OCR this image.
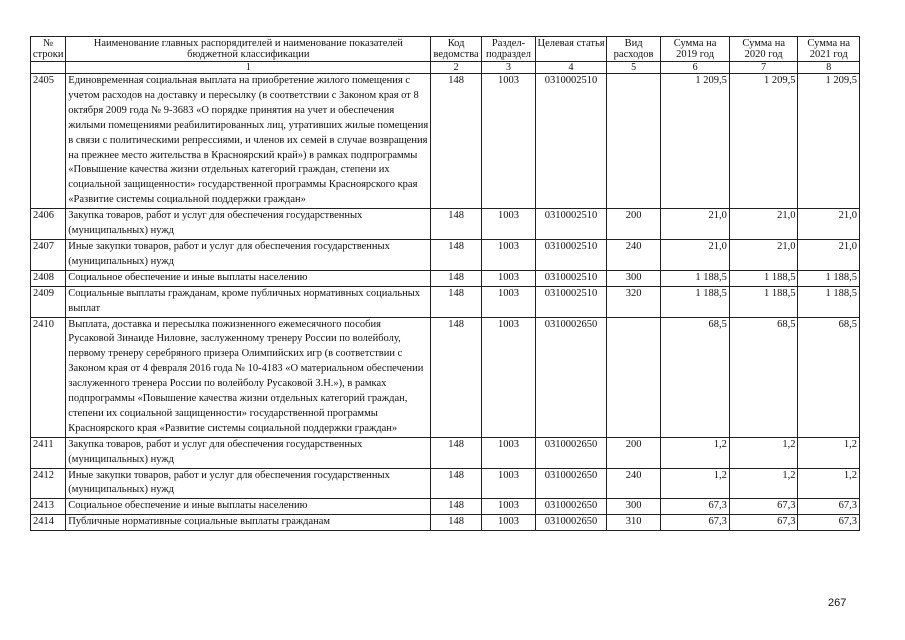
№ строки	Наименование главных распорядителей и наименование показателей бюджетной классификации	Код ведомства	Раздел-подраздел	Целевая статья	Вид расходов	Сумма на 2019 год	Сумма на 2020 год	Сумма на 2021 год
	1	2	3	4	5	6	7	8
2405	Единовременная социальная выплата на приобретение жилого помещения с учетом расходов на доставку и пересылку (в соответствии с Законом края от 8 октября 2009 года № 9-3683 «О порядке принятия на учет и обеспечения жилыми помещениями реабилитированных лиц, утративших жилые помещения в связи с политическими репрессиями, и членов их семей в случае возвращения на прежнее место жительства в Красноярский край») в рамках подпрограммы «Повышение качества жизни отдельных категорий граждан, степени их социальной защищенности» государственной программы Красноярского края «Развитие системы социальной поддержки граждан»	148	1003	0310002510		1 209,5	1 209,5	1 209,5
2406	Закупка товаров, работ и услуг для обеспечения государственных (муниципальных) нужд	148	1003	0310002510	200	21,0	21,0	21,0
2407	Иные закупки товаров, работ и услуг для обеспечения государственных (муниципальных) нужд	148	1003	0310002510	240	21,0	21,0	21,0
2408	Социальное обеспечение и иные выплаты населению	148	1003	0310002510	300	1 188,5	1 188,5	1 188,5
2409	Социальные выплаты гражданам, кроме публичных нормативных социальных выплат	148	1003	0310002510	320	1 188,5	1 188,5	1 188,5
2410	Выплата, доставка и пересылка пожизненного ежемесячного пособия Русаковой Зинаиде Ниловне, заслуженному тренеру России по волейболу, первому тренеру серебряного призера Олимпийских игр (в соответствии с Законом края от 4 февраля 2016 года № 10-4183 «О материальном обеспечении заслуженного тренера России по волейболу Русаковой З.Н.»), в рамках подпрограммы «Повышение качества жизни отдельных категорий граждан, степени их социальной защищенности» государственной программы Красноярского края «Развитие системы социальной поддержки граждан»	148	1003	0310002650		68,5	68,5	68,5
2411	Закупка товаров, работ и услуг для обеспечения государственных (муниципальных) нужд	148	1003	0310002650	200	1,2	1,2	1,2
2412	Иные закупки товаров, работ и услуг для обеспечения государственных (муниципальных) нужд	148	1003	0310002650	240	1,2	1,2	1,2
2413	Социальное обеспечение и иные выплаты населению	148	1003	0310002650	300	67,3	67,3	67,3
2414	Публичные нормативные социальные выплаты гражданам	148	1003	0310002650	310	67,3	67,3	67,3
267
